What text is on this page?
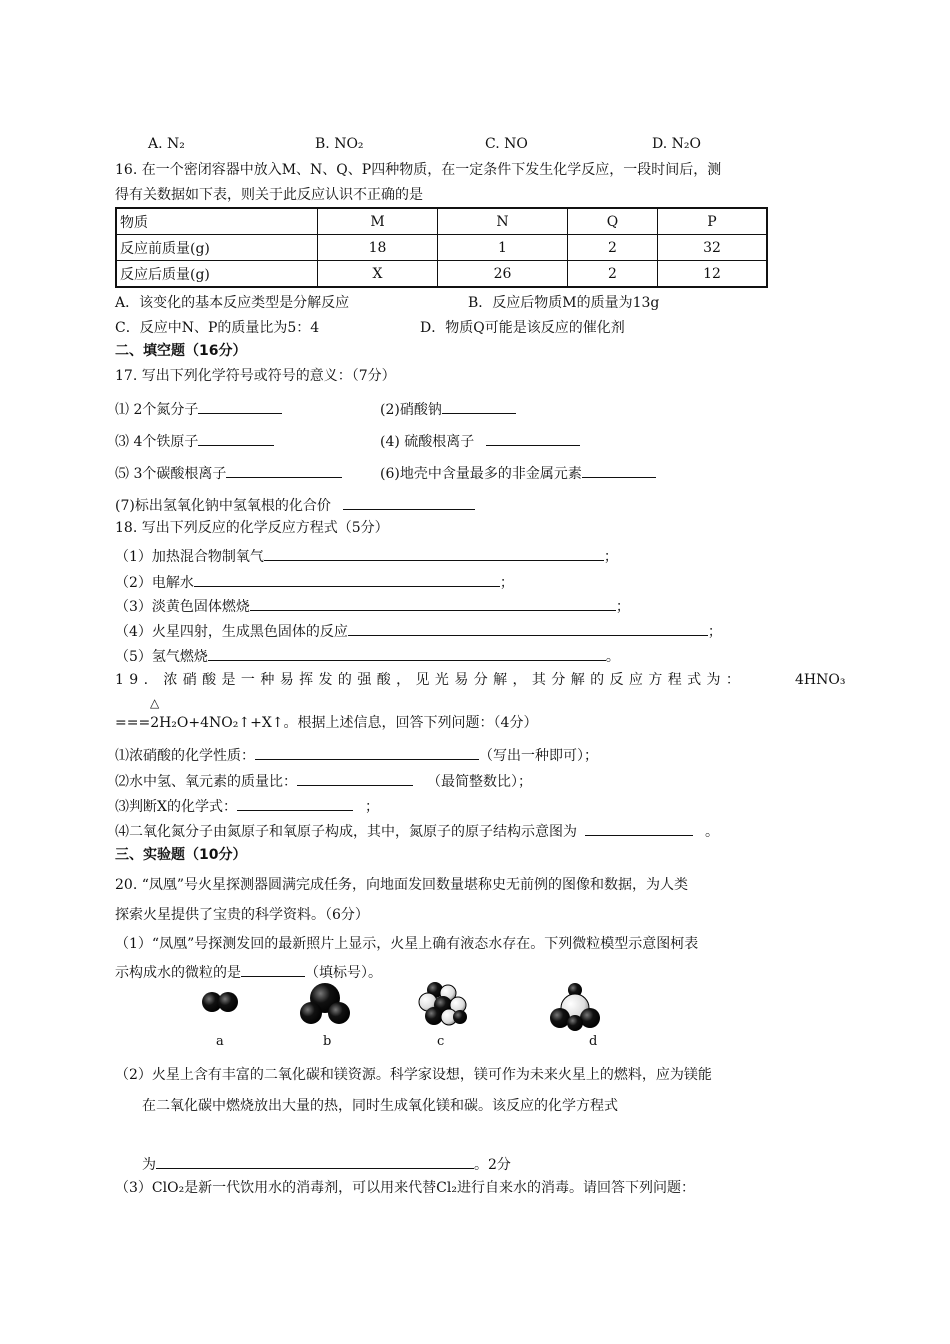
A. N₂	B. NO₂	C. NO	D. N₂O
16. 在一个密闭容器中放入M、N、Q、P四种物质，在一定条件下发生化学反应，一段时间后，测
得有关数据如下表，则关于此反应认识不正确的是
物质	M	N	Q	P
反应前质量(g)	18	1	2	32
反应后质量(g)	X	26	2	12
A．该变化的基本反应类型是分解反应	B．反应后物质M的质量为13g
C．反应中N、P的质量比为5：4	D．物质Q可能是该反应的催化剂
二、填空题（16分）
17. 写出下列化学符号或符号的意义：（7分）
⑴ 2个氮分子	(2)硝酸钠
⑶ 4个铁原子	(4) 硫酸根离子
⑸ 3个碳酸根离子	(6)地壳中含量最多的非金属元素
(7)标出氢氧化钠中氢氧根的化合价
18. 写出下列反应的化学反应方程式（5分）
（1）加热混合物制氧气	；
（2）电解水	；
（3）淡黄色固体燃烧	；
（4）火星四射，生成黑色固体的反应	；
（5）氢气燃烧	。
19. 浓硝酸是一种易挥发的强酸，见光易分解，其分解的反应方程式为：	4HNO₃
△
===2H₂O+4NO₂↑+X↑。根据上述信息，回答下列问题：（4分）
⑴浓硝酸的化学性质：	（写出一种即可）；
⑵水中氢、氧元素的质量比：	（最简整数比）；
⑶判断X的化学式：	；
⑷二氧化氮分子由氮原子和氧原子构成，其中，氮原子的原子结构示意图为	。
三、实验题（10分）
20. “凤凰”号火星探测器圆满完成任务，向地面发回数量堪称史无前例的图像和数据，为人类
探索火星提供了宝贵的科学资料。（6分）
（1）“凤凰”号探测发回的最新照片上显示，火星上确有液态水存在。下列微粒模型示意图柯表
示构成水的微粒的是	（填标号）。
a	b	c	d
（2）火星上含有丰富的二氧化碳和镁资源。科学家设想，镁可作为未来火星上的燃料，应为镁能
在二氧化碳中燃烧放出大量的热，同时生成氧化镁和碳。该反应的化学方程式
为	。2分
（3）ClO₂是新一代饮用水的消毒剂，可以用来代替Cl₂进行自来水的消毒。请回答下列问题：
